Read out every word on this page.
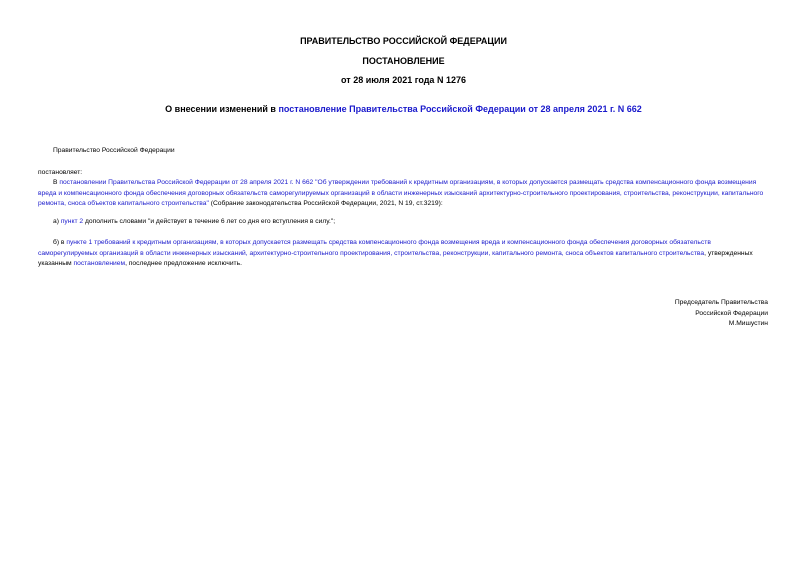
ПРАВИТЕЛЬСТВО РОССИЙСКОЙ ФЕДЕРАЦИИ
ПОСТАНОВЛЕНИЕ
от 28 июля 2021 года N 1276
О внесении изменений в постановление Правительства Российской Федерации от 28 апреля 2021 г. N 662
Правительство Российской Федерации
постановляет:
В постановлении Правительства Российской Федерации от 28 апреля 2021 г. N 662 "Об утверждении требований к кредитным организациям, в которых допускается размещать средства компенсационного фонда возмещения вреда и компенсационного фонда обеспечения договорных обязательств саморегулируемых организаций в области инженерных изысканий архитектурно-строительного проектирования, строительства, реконструкции, капитального ремонта, сноса объектов капитального строительства" (Собрание законодательства Российской Федерации, 2021, N 19, ст.3219):
а) пункт 2 дополнить словами "и действует в течение 6 лет со дня его вступления в силу.";
б) в пункте 1 требований к кредитным организациям, в которых допускается размещать средства компенсационного фонда возмещения вреда и компенсационного фонда обеспечения договорных обязательств саморегулируемых организаций в области инженерных изысканий, архитектурно-строительного проектирования, строительства, реконструкции, капитального ремонта, сноса объектов капитального строительства, утвержденных указанным постановлением, последнее предложение исключить.
Председатель Правительства
Российской Федерации
М.Мишустин
